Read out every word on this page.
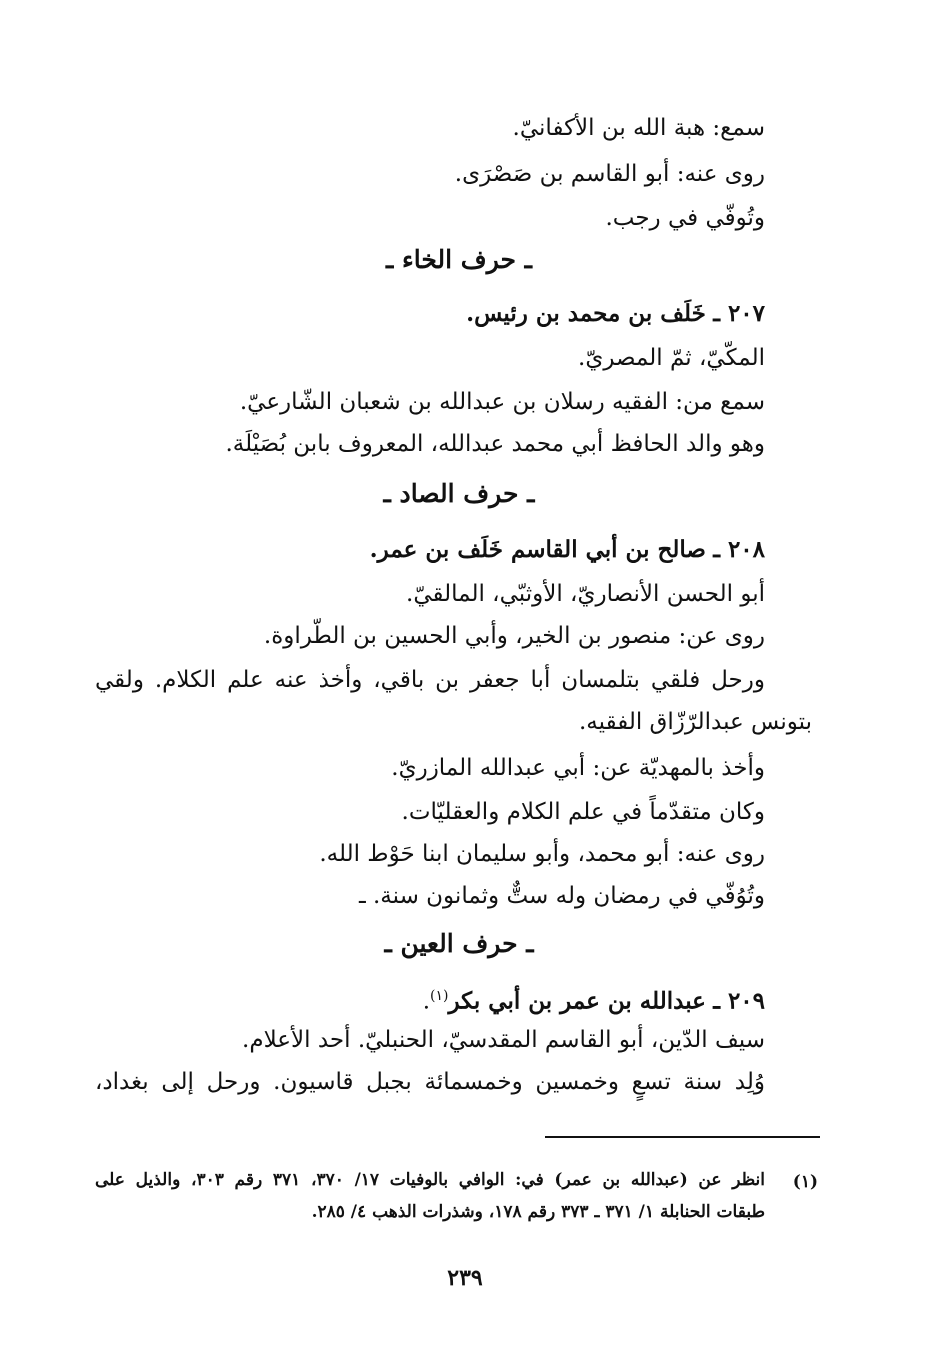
سمع: هبة الله بن الأكفانيّ.
روى عنه: أبو القاسم بن صَصْرَى.
وتُوفّي في رجب.
ـ حرف الخاء ـ
٢٠٧ ـ خَلَف بن محمد بن رئيس.
المكّيّ، ثمّ المصريّ.
سمع من: الفقيه رسلان بن عبدالله بن شعبان الشّارعيّ.
وهو والد الحافظ أبي محمد عبدالله، المعروف بابن بُصَيْلَة.
ـ حرف الصاد ـ
٢٠٨ ـ صالح بن أبي القاسم خَلَف بن عمر.
أبو الحسن الأنصاريّ، الأوثبّي، المالقيّ.
روى عن: منصور بن الخير، وأبي الحسين بن الطّراوة.
ورحل فلقي بتلمسان أبا جعفر بن باقي، وأخذ عنه علم الكلام. ولقي
بتونس عبدالرّزّاق الفقيه.
وأخذ بالمهديّة عن: أبي عبدالله المازريّ.
وكان متقدّماً في علم الكلام والعقليّات.
روى عنه: أبو محمد، وأبو سليمان ابنا حَوْط الله.
وتُوُفّي في رمضان وله ستٌّ وثمانون سنة. ـ
ـ حرف العين ـ
٢٠٩ ـ عبدالله بن عمر بن أبي بكر$^{(١)}$.
سيف الدّين، أبو القاسم المقدسيّ، الحنبليّ. أحد الأعلام.
وُلِد سنة تسعٍ وخمسين وخمسمائة بجبل قاسيون. ورحل إلى بغداد،
(١)
انظر عن (عبدالله بن عمر) في: الوافي بالوفيات ١٧/ ٣٧٠، ٣٧١ رقم ٣٠٣، والذيل على
طبقات الحنابلة ١/ ٣٧١ ـ ٣٧٣ رقم ١٧٨، وشذرات الذهب ٤/ ٢٨٥.
٢٣٩
